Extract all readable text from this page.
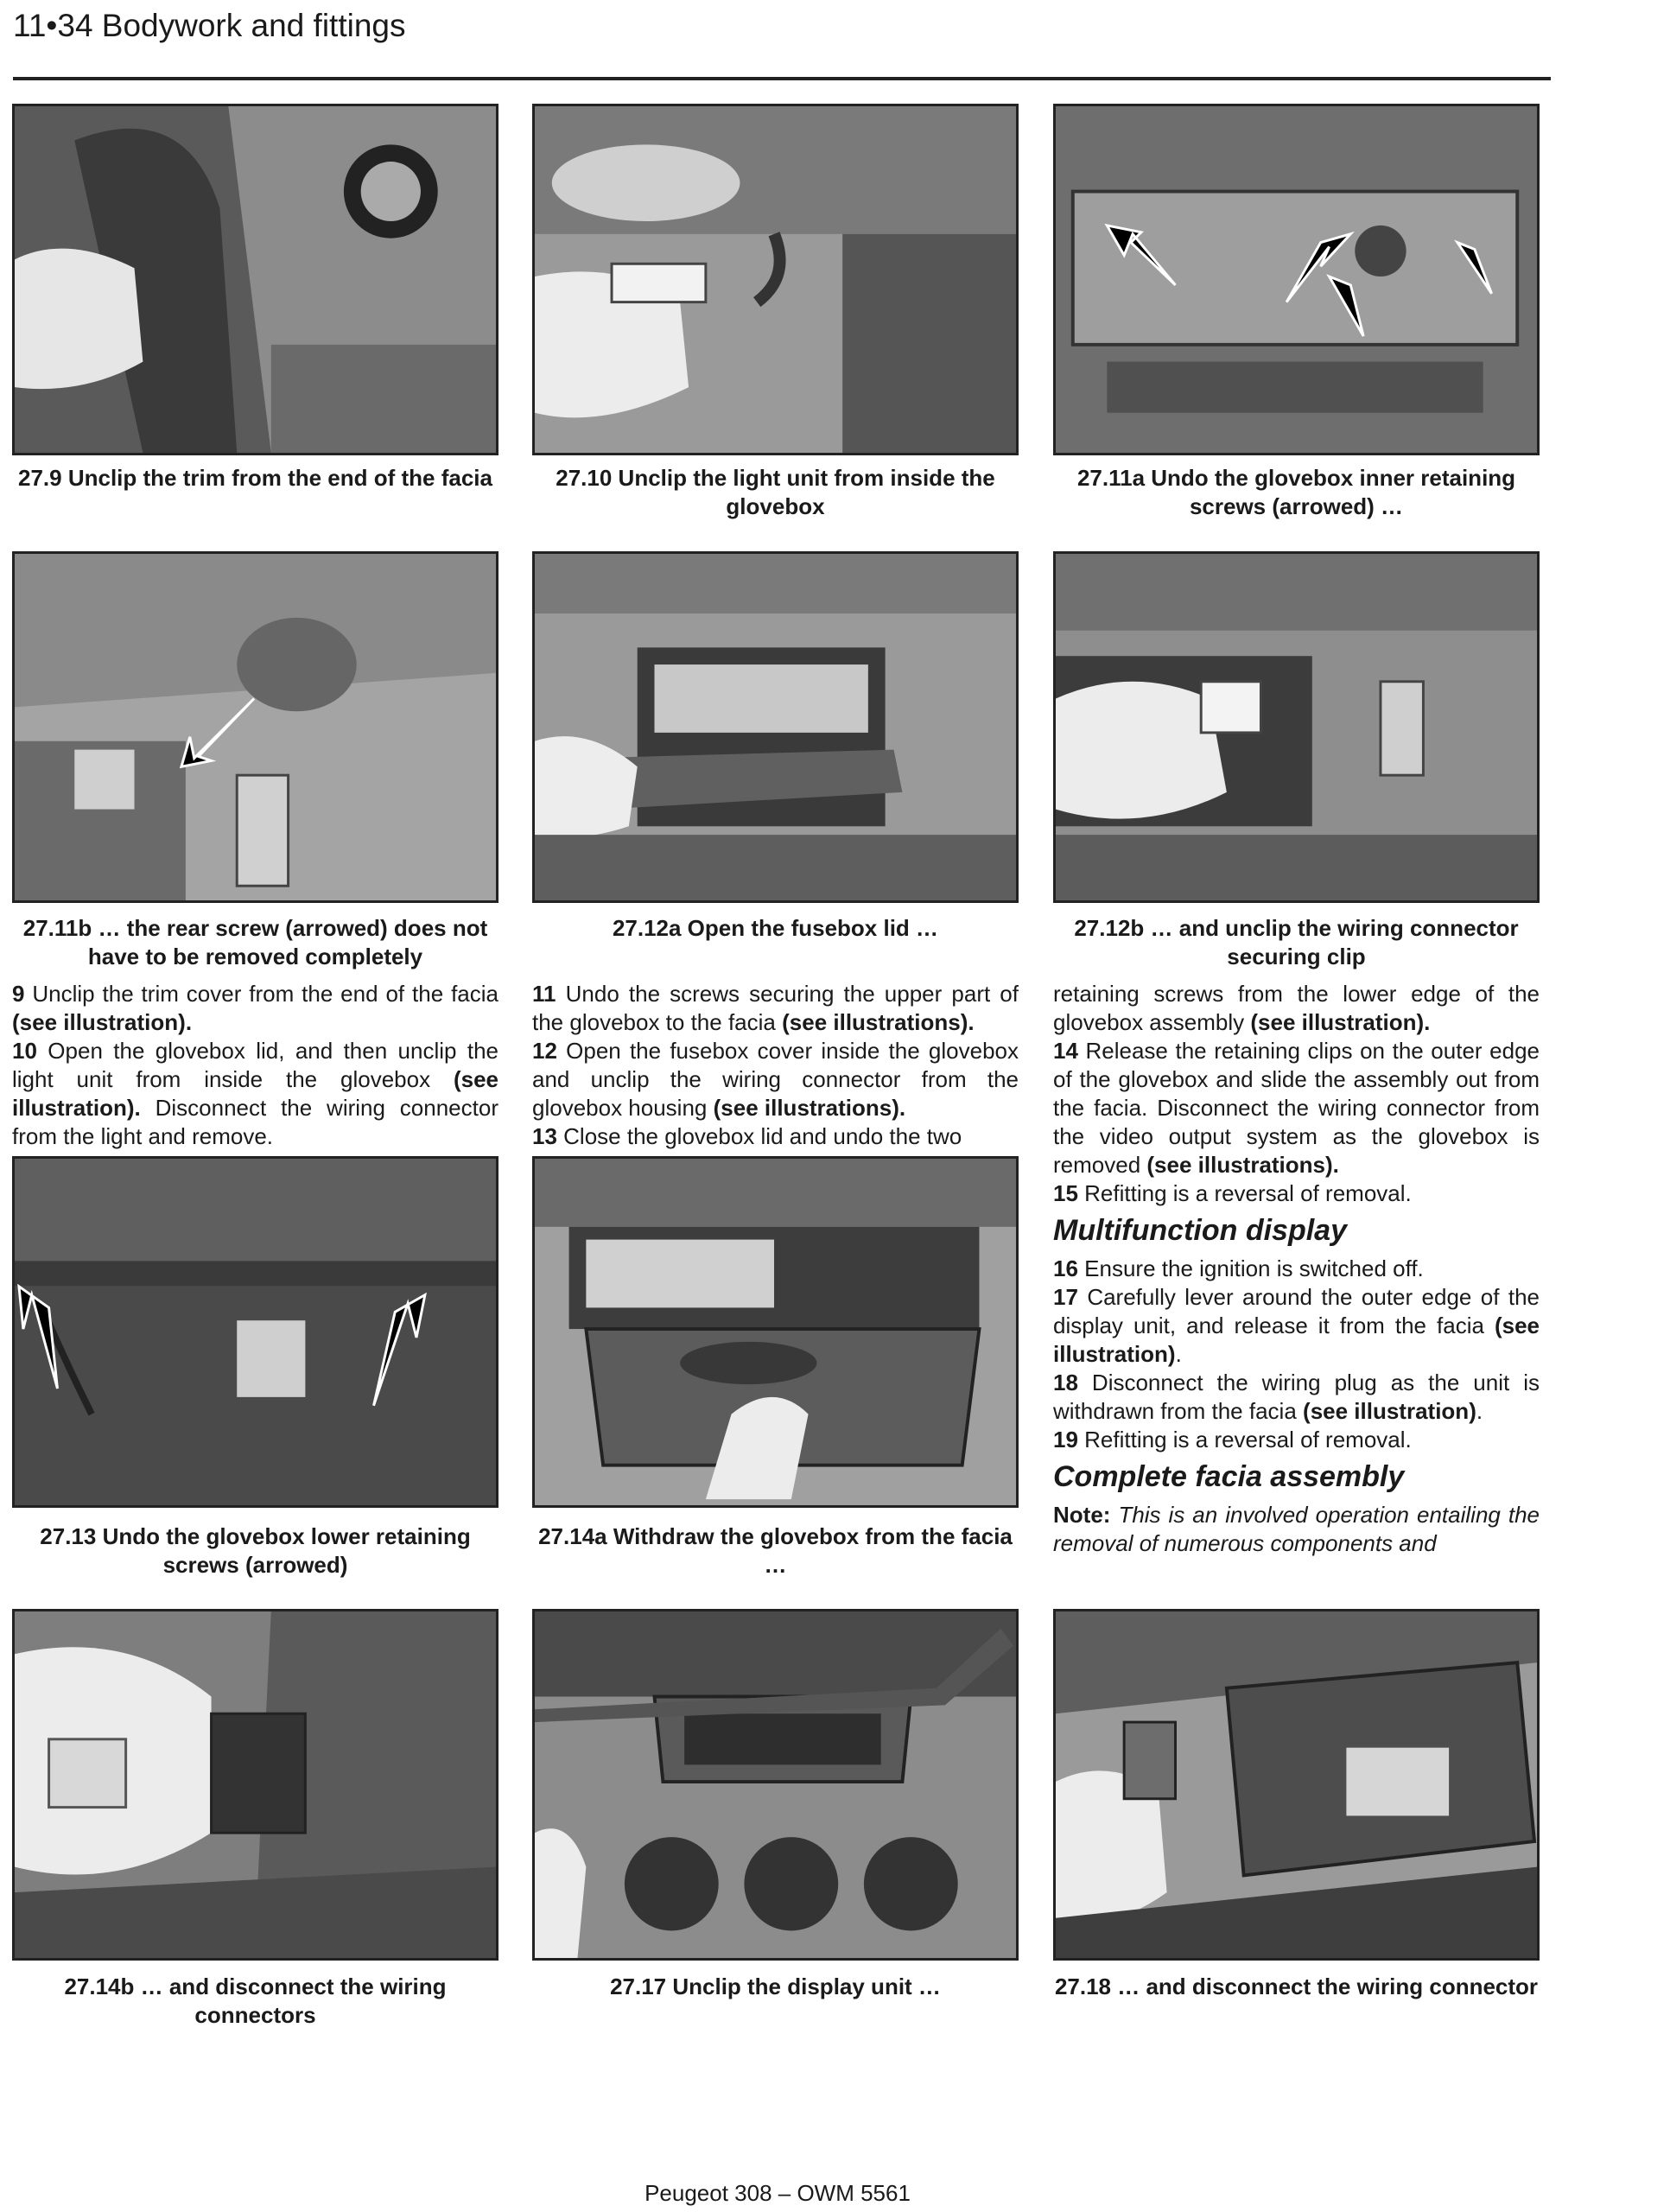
11•34 Bodywork and fittings
27.9 Unclip the trim from the end of the facia	27.10 Unclip the light unit from inside the glovebox
27.11a Undo the glovebox inner retaining screws (arrowed) …
27.11b … the rear screw (arrowed) does not have to be removed completely
27.12a Open the fusebox lid …	27.12b … and unclip the wiring connector securing clip

9 Unclip the trim cover from the end of the facia (see illustration).

10 Open the glovebox lid, and then unclip the light unit from inside the glovebox (see illustration). Disconnect the wiring connector from the light and remove.

11 Undo the screws securing the upper part of the glovebox to the facia (see illustrations).

12 Open the fusebox cover inside the glovebox and unclip the wiring connector from the glovebox housing (see illustrations).

13 Close the glovebox lid and undo the two

retaining screws from the lower edge of the glovebox assembly (see illustration).

14 Release the retaining clips on the outer edge of the glovebox and slide the assembly out from the facia. Disconnect the wiring connector from the video output system as the glovebox is removed (see illustrations).

15 Refitting is a reversal of removal.

Multifunction display

16 Ensure the ignition is switched off.

17 Carefully lever around the outer edge of the display unit, and release it from the facia (see illustration).

18 Disconnect the wiring plug as the unit is withdrawn from the facia (see illustration).

19 Refitting is a reversal of removal.

Complete facia assembly

Note: This is an involved operation entailing the removal of numerous components and

27.13 Undo the glovebox lower retaining screws (arrowed)
27.14a Withdraw the glovebox from the facia …
27.14b … and disconnect the wiring connectors
27.17 Unclip the display unit …	27.18 … and disconnect the wiring connector
Peugeot 308 – OWM 5561
